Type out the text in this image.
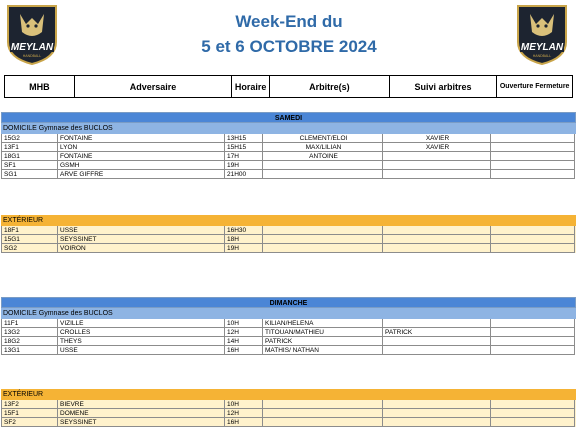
MEYLAN
HANDBALL
MEYLAN
HANDBALL
Week-End du
5 et 6 OCTOBRE 2024
MHB	Adversaire	Horaire	Arbitre(s)	Suivi arbitres	Ouverture Fermeture
SAMEDI
DOMICILE Gymnase des BUCLOS
15G2	FONTAINE	13H15	CLEMENT/ELOI	XAVIER
13F1	LYON	15H15	MAX/LILIAN	XAVIER
18G1	FONTAINE	17H	ANTOINE
SF1	GSMH	19H
SG1	ARVE GIFFRE	21H00
EXTÉRIEUR
18F1	USSE	16H30
15G1	SEYSSINET	18H
SG2	VOIRON	19H
DIMANCHE
DOMICILE Gymnase des BUCLOS
11F1	VIZILLE	10H	KILIAN/HELENA
13G2	CROLLES	12H	TITOUAN/MATHIEU	PATRICK
18G2	THEYS	14H	PATRICK
13G1	USSE	16H	MATHIS/ NATHAN
EXTÉRIEUR
13F2	BIEVRE	10H
15F1	DOMENE	12H
SF2	SEYSSINET	16H
